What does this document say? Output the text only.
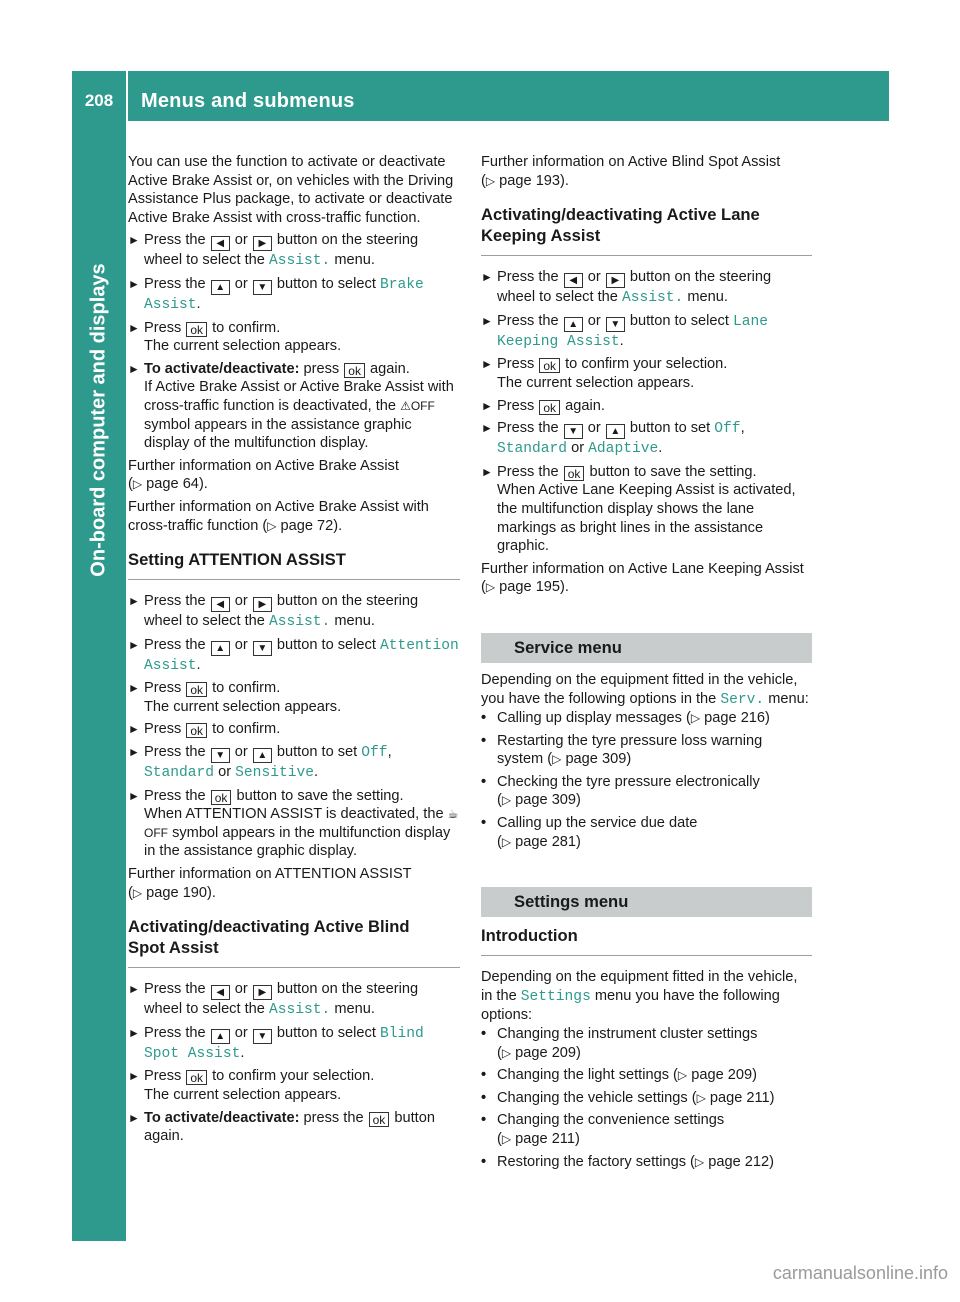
208	Menus and submenus
On-board computer and displays

You can use the function to activate or deactivate Active Brake Assist or, on vehicles with the Driving Assistance Plus package, to activate or deactivate Active Brake Assist with cross-traffic function.

► Press the ◀ or ▶ button on the steering wheel to select the Assist. menu.
► Press the ▲ or ▼ button to select Brake Assist.
► Press ok to confirm.
The current selection appears.
► To activate/deactivate: press ok again.
If Active Brake Assist or Active Brake Assist with cross-traffic function is deactivated, the ⚠OFF symbol appears in the assistance graphic display of the multifunction display.

Further information on Active Brake Assist
(▷ page 64).

Further information on Active Brake Assist with cross-traffic function (▷ page 72).

Setting ATTENTION ASSIST
► Press the ◀ or ▶ button on the steering wheel to select the Assist. menu.
► Press the ▲ or ▼ button to select Attention Assist.
► Press ok to confirm.
The current selection appears.
► Press ok to confirm.
► Press the ▼ or ▲ button to set Off, Standard or Sensitive.
► Press the ok button to save the setting.
When ATTENTION ASSIST is deactivated, the ☕OFF symbol appears in the multifunction display in the assistance graphic display.

Further information on ATTENTION ASSIST
(▷ page 190).

Activating/deactivating Active Blind
Spot Assist
► Press the ◀ or ▶ button on the steering wheel to select the Assist. menu.
► Press the ▲ or ▼ button to select Blind Spot Assist.
► Press ok to confirm your selection.
The current selection appears.
► To activate/deactivate: press the ok button again.

Further information on Active Blind Spot Assist
(▷ page 193).

Activating/deactivating Active Lane
Keeping Assist
► Press the ◀ or ▶ button on the steering wheel to select the Assist. menu.
► Press the ▲ or ▼ button to select Lane Keeping Assist.
► Press ok to confirm your selection.
The current selection appears.
► Press ok again.
► Press the ▼ or ▲ button to set Off, Standard or Adaptive.
► Press the ok button to save the setting.
When Active Lane Keeping Assist is activated, the multifunction display shows the lane markings as bright lines in the assistance graphic.

Further information on Active Lane Keeping Assist (▷ page 195).

Service menu

Depending on the equipment fitted in the vehicle, you have the following options in the Serv. menu:

• Calling up display messages (▷ page 216)
• Restarting the tyre pressure loss warning system (▷ page 309)
• Checking the tyre pressure electronically
(▷ page 309)
• Calling up the service due date
(▷ page 281)
Settings menu
Introduction

Depending on the equipment fitted in the vehicle, in the Settings menu you have the following options:

• Changing the instrument cluster settings
(▷ page 209)
• Changing the light settings (▷ page 209)
• Changing the vehicle settings (▷ page 211)
• Changing the convenience settings
(▷ page 211)
• Restoring the factory settings (▷ page 212)
carmanualsonline.info
